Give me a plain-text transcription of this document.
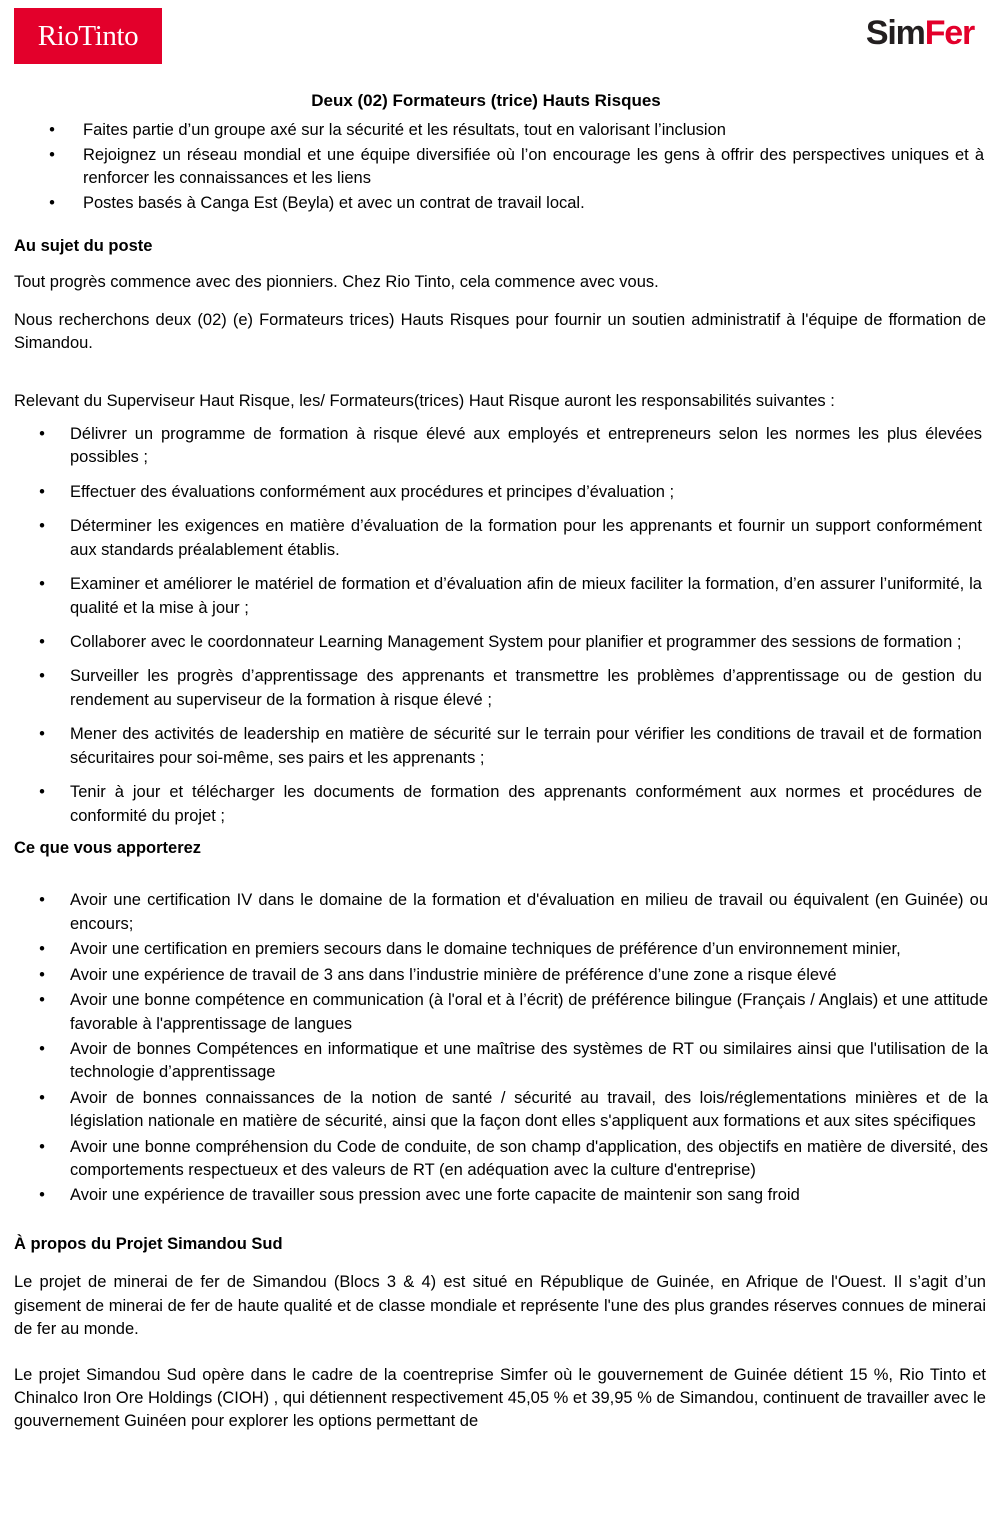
RioTinto	SimFer
Deux (02) Formateurs (trice) Hauts Risques
•	Faites partie d’un groupe axé sur la sécurité et les résultats, tout en valorisant l’inclusion
•	Rejoignez un réseau mondial et une équipe diversifiée où l’on encourage les gens à offrir des perspectives uniques et à renforcer les connaissances et les liens
•	Postes basés à Canga Est (Beyla) et avec un contrat de travail local.
Au sujet du poste

Tout progrès commence avec des pionniers. Chez Rio Tinto, cela commence avec vous.

Nous recherchons deux (02) (e) Formateurs trices) Hauts Risques pour fournir un soutien administratif à l'équipe de fformation de Simandou.

Relevant du Superviseur Haut Risque, les/ Formateurs(trices) Haut Risque auront les responsabilités suivantes :

•	Délivrer un programme de formation à risque élevé aux employés et entrepreneurs selon les normes les plus élevées possibles ;
•	Effectuer des évaluations conformément aux procédures et principes d’évaluation ;
•	Déterminer les exigences en matière d’évaluation de la formation pour les apprenants et fournir un support conformément aux standards préalablement établis.
•	Examiner et améliorer le matériel de formation et d’évaluation afin de mieux faciliter la formation, d’en assurer l’uniformité, la qualité et la mise à jour ;
•	Collaborer avec le coordonnateur Learning Management System pour planifier et programmer des sessions de formation ;
•	Surveiller les progrès d’apprentissage des apprenants et transmettre les problèmes d’apprentissage ou de gestion du rendement au superviseur de la formation à risque élevé ;
•	Mener des activités de leadership en matière de sécurité sur le terrain pour vérifier les conditions de travail et de formation sécuritaires pour soi-même, ses pairs et les apprenants ;
•	Tenir à jour et télécharger les documents de formation des apprenants conformément aux normes et procédures de conformité du projet ;
Ce que vous apporterez
•	Avoir une certification IV dans le domaine de la formation et d'évaluation en milieu de travail ou équivalent (en Guinée) ou encours;
•	Avoir une certification en premiers secours dans le domaine techniques de préférence d’un environnement minier,
•	Avoir une expérience de travail de 3 ans dans l’industrie minière de préférence d’une zone a risque élevé
•	Avoir une bonne compétence en communication (à l'oral et à l’écrit) de préférence bilingue (Français / Anglais) et une attitude favorable à l'apprentissage de langues
•	Avoir de bonnes Compétences en informatique et une maîtrise des systèmes de RT ou similaires ainsi que l'utilisation de la technologie d’apprentissage
•	Avoir de bonnes connaissances de la notion de santé / sécurité au travail, des lois/réglementations minières et de la législation nationale en matière de sécurité, ainsi que la façon dont elles s'appliquent aux formations et aux sites spécifiques
•	Avoir une bonne compréhension du Code de conduite, de son champ d'application, des objectifs en matière de diversité, des comportements respectueux et des valeurs de RT (en adéquation avec la culture d'entreprise)
•	Avoir une expérience de travailler sous pression avec une forte capacite de maintenir son sang froid
À propos du Projet Simandou Sud

Le projet de minerai de fer de Simandou (Blocs 3 & 4) est situé en République de Guinée, en Afrique de l'Ouest. Il s’agit d’un gisement de minerai de fer de haute qualité et de classe mondiale et représente l'une des plus grandes réserves connues de minerai de fer au monde.

Le projet Simandou Sud opère dans le cadre de la coentreprise Simfer où le gouvernement de Guinée détient 15 %, Rio Tinto et Chinalco Iron Ore Holdings (CIOH) , qui détiennent respectivement 45,05 % et 39,95 % de Simandou, continuent de travailler avec le gouvernement Guinéen pour explorer les options permettant de
